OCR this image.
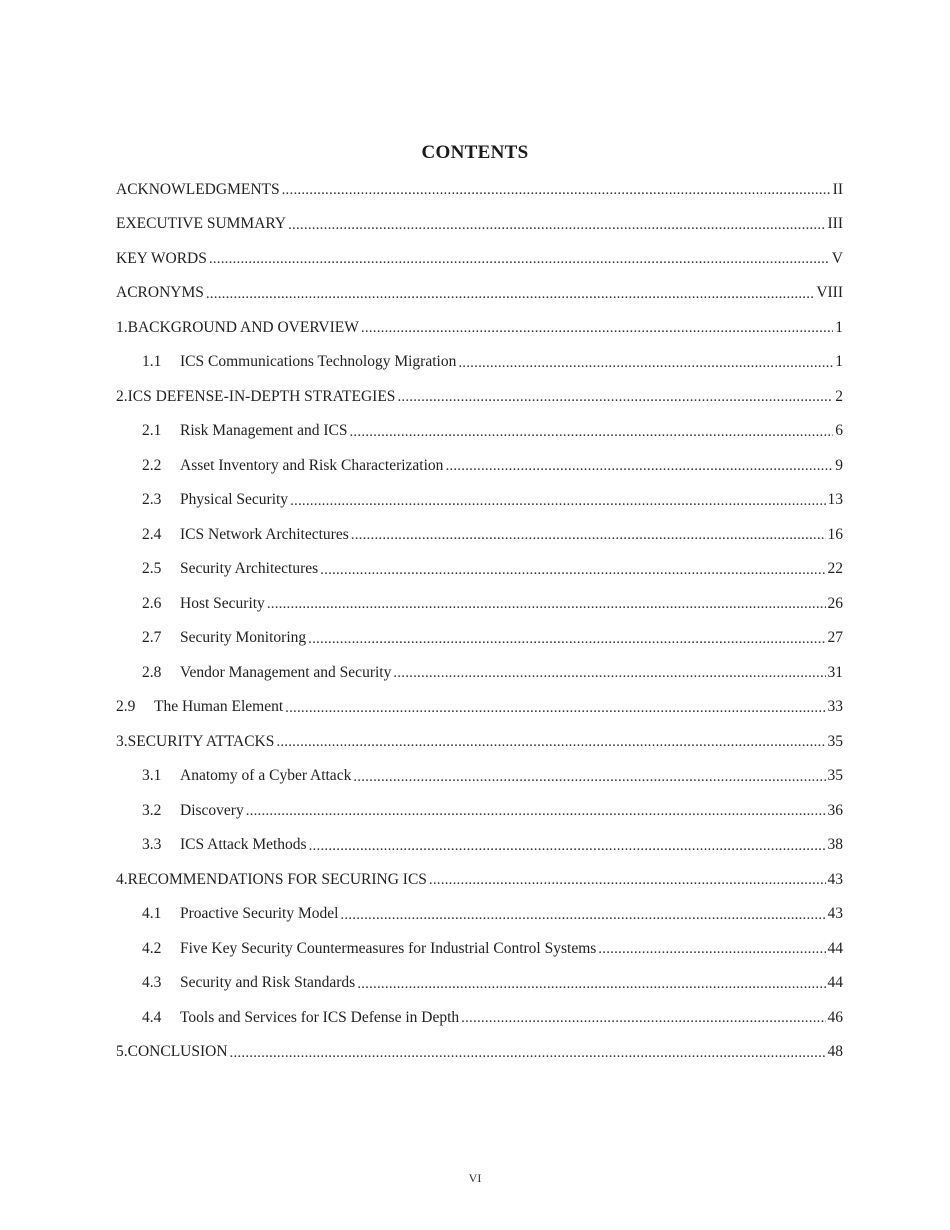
CONTENTS
ACKNOWLEDGMENTS .....	II
EXECUTIVE SUMMARY .....	III
KEY WORDS .....	V
ACRONYMS .....	VIII
1.BACKGROUND AND OVERVIEW .....	1
1.1	ICS Communications Technology Migration .....	1
2.ICS DEFENSE-IN-DEPTH STRATEGIES .....	2
2.1	Risk Management and ICS .....	6
2.2	Asset Inventory and Risk Characterization .....	9
2.3	Physical Security .....	13
2.4	ICS Network Architectures .....	16
2.5	Security Architectures .....	22
2.6	Host Security .....	26
2.7	Security Monitoring .....	27
2.8	Vendor Management and Security .....	31
2.9	The Human Element .....	33
3.SECURITY ATTACKS .....	35
3.1	Anatomy of a Cyber Attack .....	35
3.2	Discovery .....	36
3.3	ICS Attack Methods .....	38
4.RECOMMENDATIONS FOR SECURING ICS .....	43
4.1	Proactive Security Model .....	43
4.2	Five Key Security Countermeasures for Industrial Control Systems .....	44
4.3	Security and Risk Standards .....	44
4.4	Tools and Services for ICS Defense in Depth .....	46
5.CONCLUSION .....	48
VI
